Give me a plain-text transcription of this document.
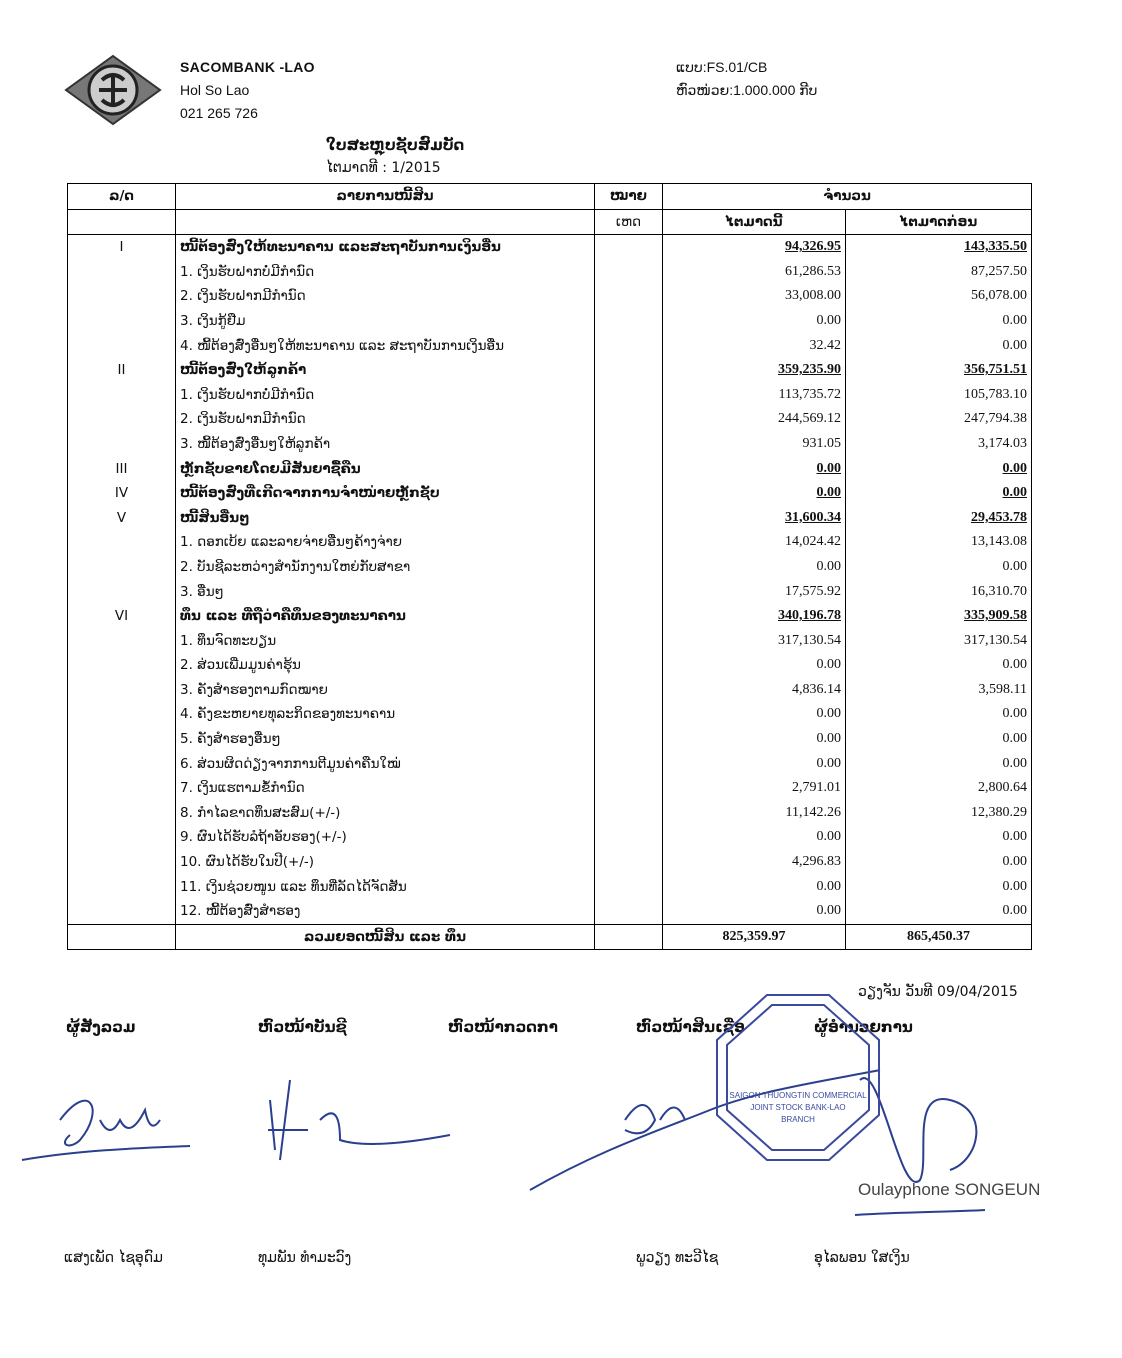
SACOMBANK -LAO
Hol So Lao
021 265 726
ແບບ:FS.01/CB
ຫົວໜ່ວຍ:1.000.000 ກີບ
ໃບສະຫຼຸບຊັບສົມບັດ
ໄຕມາດທີ : 1/2015
ລ/ດ	ລາຍການໜີ້ສິນ	ໝາຍ	ຈຳນວນ	
		ເຫດ	ໄຕມາດນີ້	ໄຕມາດກ່ອນ
I	ໜີ້ຕ້ອງສົ່ງໃຫ້ທະນາຄານ ແລະສະຖາບັນການເງິນອື່ນ		94,326.95	143,335.50
	1. ເງິນຮັບຝາກບໍ່ມີກຳນົດ		61,286.53	87,257.50
	2. ເງິນຮັບຝາກມີກຳນົດ		33,008.00	56,078.00
	3. ເງິນກູ້ຢືມ		0.00	0.00
	4. ໜີ້ຕ້ອງສົ່ງອື່ນໆໃຫ້ທະນາຄານ ແລະ ສະຖາບັນການເງິນອື່ນ		32.42	0.00
II	ໜີ້ຕ້ອງສົ່ງໃຫ້ລູກຄ້າ		359,235.90	356,751.51
	1. ເງິນຮັບຝາກບໍ່ມີກຳນົດ		113,735.72	105,783.10
	2. ເງິນຮັບຝາກມີກຳນົດ		244,569.12	247,794.38
	3. ໜີ້ຕ້ອງສົ່ງອື່ນໆໃຫ້ລູກຄ້າ		931.05	3,174.03
III	ຫຼັກຊັບຂາຍໂດຍມີສັນຍາຊື້ຄືນ		0.00	0.00
IV	ໜີ້ຕ້ອງສົ່ງທີ່ເກີດຈາກການຈຳໜ່າຍຫຼັກຊັບ		0.00	0.00
V	ໜີ້ສິນອື່ນໆ		31,600.34	29,453.78
	1. ດອກເບ້ຍ ແລະລາຍຈ່າຍອື່ນໆຄ້າງຈ່າຍ		14,024.42	13,143.08
	2. ບັນຊີລະຫວ່າງສຳນັກງານໃຫຍ່ກັບສາຂາ		0.00	0.00
	3. ອື່ນໆ		17,575.92	16,310.70
VI	ທຶນ ແລະ ທີ່ຖືວ່າຄືທຶນຂອງທະນາຄານ		340,196.78	335,909.58
	1. ທຶນຈົດທະບຽນ		317,130.54	317,130.54
	2. ສ່ວນເພີ່ມມູນຄ່າຮຸ້ນ		0.00	0.00
	3. ຄັງສຳຮອງຕາມກົດໝາຍ		4,836.14	3,598.11
	4. ຄັງຂະຫຍາຍທຸລະກິດຂອງທະນາຄານ		0.00	0.00
	5. ຄັງສຳຮອງອື່ນໆ		0.00	0.00
	6. ສ່ວນຜິດດ່ຽງຈາກການຕີມູນຄ່າຄືນໃໝ່		0.00	0.00
	7. ເງິນແຮຕາມຂໍ້ກຳນົດ		2,791.01	2,800.64
	8. ກຳໄລຂາດທຶນສະສົມ(+/-)		11,142.26	12,380.29
	9. ຜົນໄດ້ຮັບລໍຖ້າອັບຮອງ(+/-)		0.00	0.00
	10. ຜົນໄດ້ຮັບໃນປີ(+/-)		4,296.83	0.00
	11. ເງິນຊ່ວຍໜູນ ແລະ ທຶນທີ່ລັດໄດ້ຈັດສັນ		0.00	0.00
	12. ໜີ້ຕ້ອງສົ່ງສຳຮອງ		0.00	0.00
	ລວມຍອດໜີ້ສິນ ແລະ ທຶນ		825,359.97	865,450.37
ວຽງຈັນ ວັນທີ 09/04/2015
ຜູ້ສັງລວມ	ຫົວໜ້າບັນຊີ	ຫົວໜ້າກວດກາ	ຫົວໜ້າສິນເຊື່ອ	ຜູ້ອຳນວຍການ
SAIGON THUONGTIN COMMERCIAL
JOINT STOCK BANK-LAO
BRANCH
Oulayphone SONGEUN
ແສງເພັດ ໄຊອຸດົມ	ທຸມພັນ ທຳມະວົງ	ພູວຽງ ທະວີໄຊ	ອຸໄລພອນ ໃສເງິນ
